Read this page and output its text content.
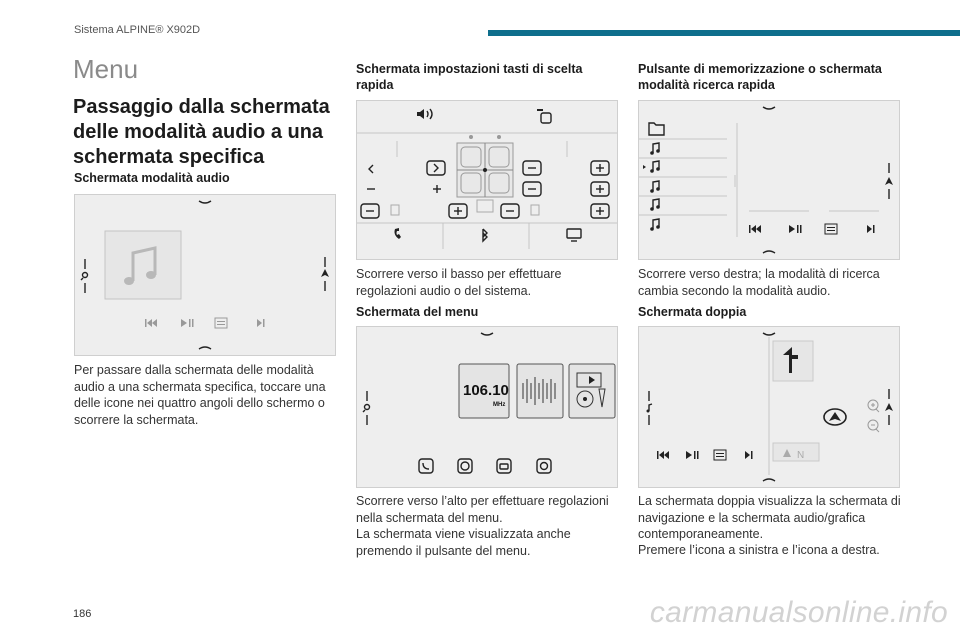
Sistema ALPINE® X902D
Menu
Passaggio dalla schermata delle modalità audio a una schermata specifica
Schermata modalità audio
Per passare dalla schermata delle modalità audio a una schermata specifica, toccare una delle icone nei quattro angoli dello schermo o scorrere la schermata.
Schermata impostazioni tasti di scelta rapida
Scorrere verso il basso per effettuare regolazioni audio o del sistema.
Schermata del menu
106.10
MHz
Scorrere verso l’alto per effettuare regolazioni nella schermata del menu.
La schermata viene visualizzata anche premendo il pulsante del menu.
Pulsante di memorizzazione o schermata modalità ricerca rapida
Scorrere verso destra; la modalità di ricerca cambia secondo la modalità audio.
Schermata doppia
N
La schermata doppia visualizza la schermata di navigazione e la schermata audio/grafica contemporaneamente.
Premere l’icona a sinistra e l’icona a destra.
186	carmanualsonline.info
